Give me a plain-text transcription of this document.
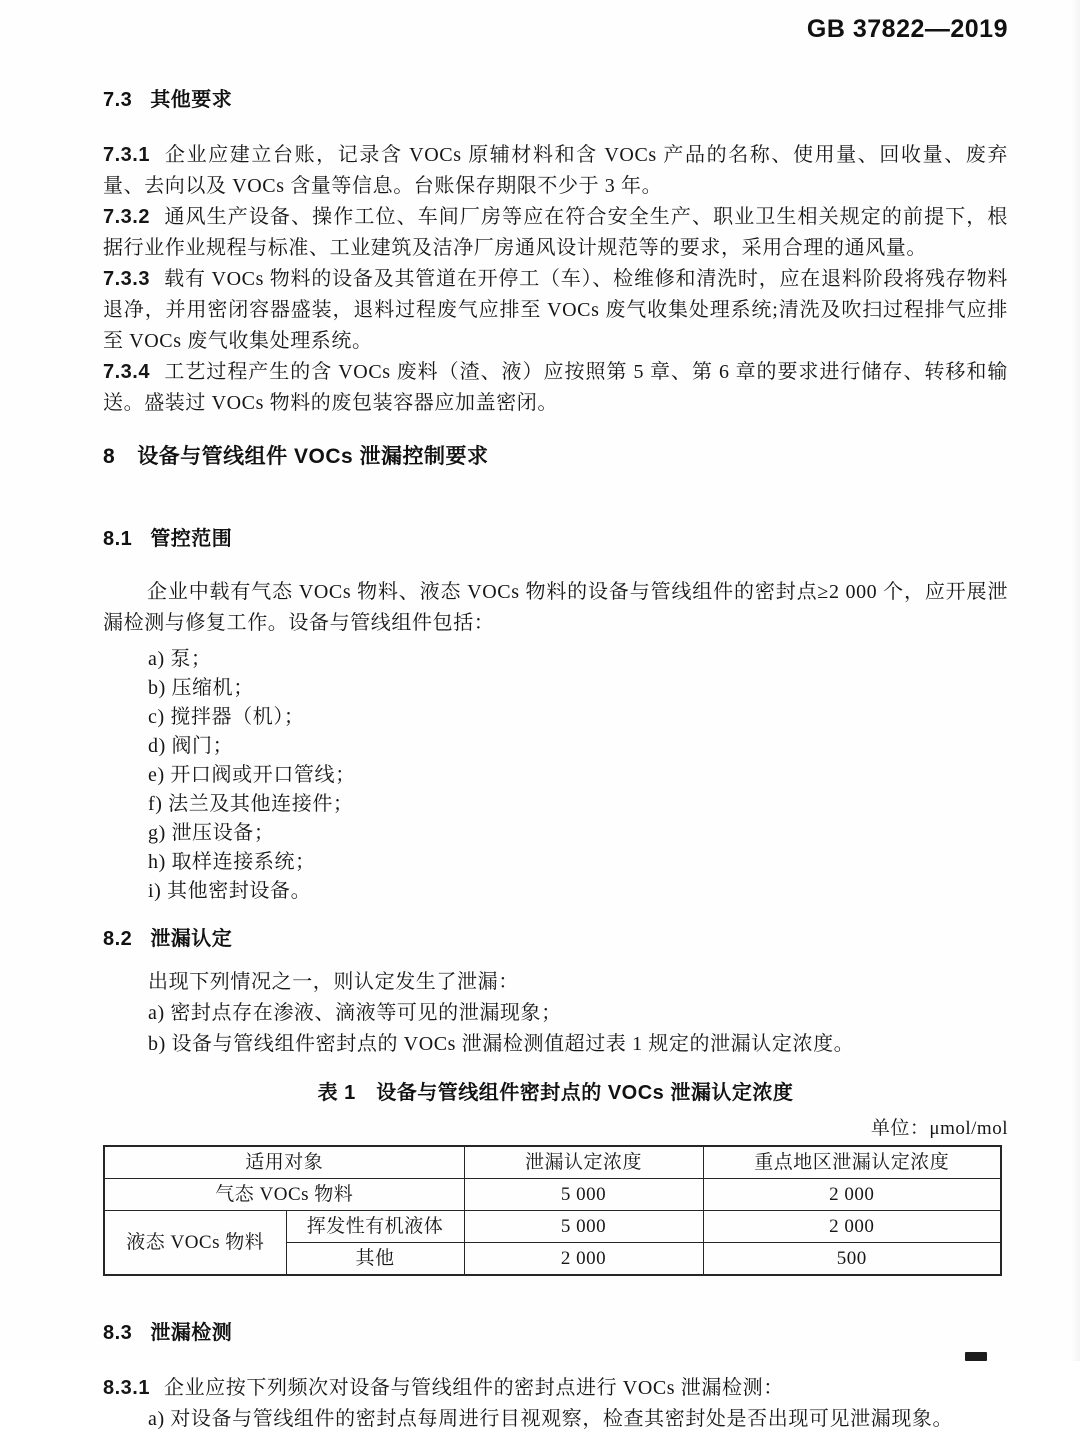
GB 37822—2019
7.3 其他要求
7.3.1 企业应建立台账，记录含 VOCs 原辅材料和含 VOCs 产品的名称、使用量、回收量、废弃量、去向以及 VOCs 含量等信息。台账保存期限不少于 3 年。
7.3.2 通风生产设备、操作工位、车间厂房等应在符合安全生产、职业卫生相关规定的前提下，根据行业作业规程与标准、工业建筑及洁净厂房通风设计规范等的要求，采用合理的通风量。
7.3.3 载有 VOCs 物料的设备及其管道在开停工（车）、检维修和清洗时，应在退料阶段将残存物料退净，并用密闭容器盛装，退料过程废气应排至 VOCs 废气收集处理系统;清洗及吹扫过程排气应排至 VOCs 废气收集处理系统。
7.3.4 工艺过程产生的含 VOCs 废料（渣、液）应按照第 5 章、第 6 章的要求进行储存、转移和输送。盛装过 VOCs 物料的废包装容器应加盖密闭。
8 设备与管线组件 VOCs 泄漏控制要求
8.1 管控范围
企业中载有气态 VOCs 物料、液态 VOCs 物料的设备与管线组件的密封点≥2 000 个，应开展泄漏检测与修复工作。设备与管线组件包括：
a) 泵；
b) 压缩机；
c) 搅拌器（机）；
d) 阀门；
e) 开口阀或开口管线；
f) 法兰及其他连接件；
g) 泄压设备；
h) 取样连接系统；
i) 其他密封设备。
8.2 泄漏认定
出现下列情况之一，则认定发生了泄漏：
a) 密封点存在渗液、滴液等可见的泄漏现象；
b) 设备与管线组件密封点的 VOCs 泄漏检测值超过表 1 规定的泄漏认定浓度。
表 1　设备与管线组件密封点的 VOCs 泄漏认定浓度
单位：μmol/mol
适用对象		泄漏认定浓度	重点地区泄漏认定浓度
气态 VOCs 物料		5 000	2 000
液态 VOCs 物料	挥发性有机液体	5 000	2 000
	其他	2 000	500
8.3 泄漏检测
8.3.1 企业应按下列频次对设备与管线组件的密封点进行 VOCs 泄漏检测：
a) 对设备与管线组件的密封点每周进行目视观察，检查其密封处是否出现可见泄漏现象。
